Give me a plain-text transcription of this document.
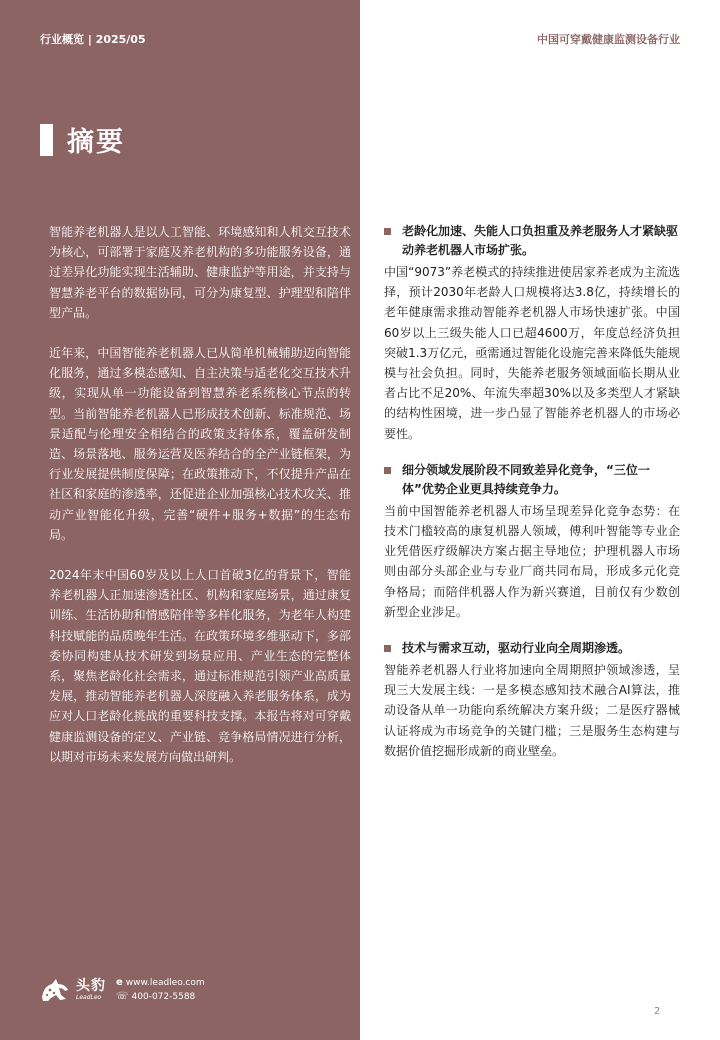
行业概览 | 2025/05
摘要

智能养老机器人是以人工智能、环境感知和人机交互技术为核心，可部署于家庭及养老机构的多功能服务设备，通过差异化功能实现生活辅助、健康监护等用途，并支持与智慧养老平台的数据协同，可分为康复型、护理型和陪伴型产品。

近年来，中国智能养老机器人已从简单机械辅助迈向智能化服务，通过多模态感知、自主决策与适老化交互技术升级，实现从单一功能设备到智慧养老系统核心节点的转型。当前智能养老机器人已形成技术创新、标准规范、场景适配与伦理安全相结合的政策支持体系，覆盖研发制造、场景落地、服务运营及医养结合的全产业链框架，为行业发展提供制度保障；在政策推动下，不仅提升产品在社区和家庭的渗透率，还促进企业加强核心技术攻关、推动产业智能化升级，完善“硬件+服务+数据”的生态布局。

2024年末中国60岁及以上人口首破3亿的背景下，智能养老机器人正加速渗透社区、机构和家庭场景，通过康复训练、生活协助和情感陪伴等多样化服务，为老年人构建科技赋能的品质晚年生活。在政策环境多维驱动下，多部委协同构建从技术研发到场景应用、产业生态的完整体系，聚焦老龄化社会需求，通过标准规范引领产业高质量发展，推动智能养老机器人深度融入养老服务体系，成为应对人口老龄化挑战的重要科技支撑。本报告将对可穿戴健康监测设备的定义、产业链、竞争格局情况进行分析，以期对市场未来发展方向做出研判。

头豹
LeadLeo
e www.leadleo.com
☏ 400-072-5588
中国可穿戴健康监测设备行业
老龄化加速、失能人口负担重及养老服务人才紧缺驱动养老机器人市场扩张。
中国“9073”养老模式的持续推进使居家养老成为主流选择，预计2030年老龄人口规模将达3.8亿，持续增长的老年健康需求推动智能养老机器人市场快速扩张。中国60岁以上三级失能人口已超4600万，年度总经济负担突破1.3万亿元，亟需通过智能化设施完善来降低失能规模与社会负担。同时，失能养老服务领域面临长期从业者占比不足20%、年流失率超30%以及多类型人才紧缺的结构性困境，进一步凸显了智能养老机器人的市场必要性。
细分领域发展阶段不同致差异化竞争，“三位一体”优势企业更具持续竞争力。
当前中国智能养老机器人市场呈现差异化竞争态势：在技术门槛较高的康复机器人领域，傅利叶智能等专业企业凭借医疗级解决方案占据主导地位；护理机器人市场则由部分头部企业与专业厂商共同布局，形成多元化竞争格局；而陪伴机器人作为新兴赛道，目前仅有少数创新型企业涉足。
技术与需求互动，驱动行业向全周期渗透。
智能养老机器人行业将加速向全周期照护领域渗透，呈现三大发展主线：一是多模态感知技术融合AI算法，推动设备从单一功能向系统解决方案升级；二是医疗器械认证将成为市场竞争的关键门槛；三是服务生态构建与数据价值挖掘形成新的商业壁垒。
2
